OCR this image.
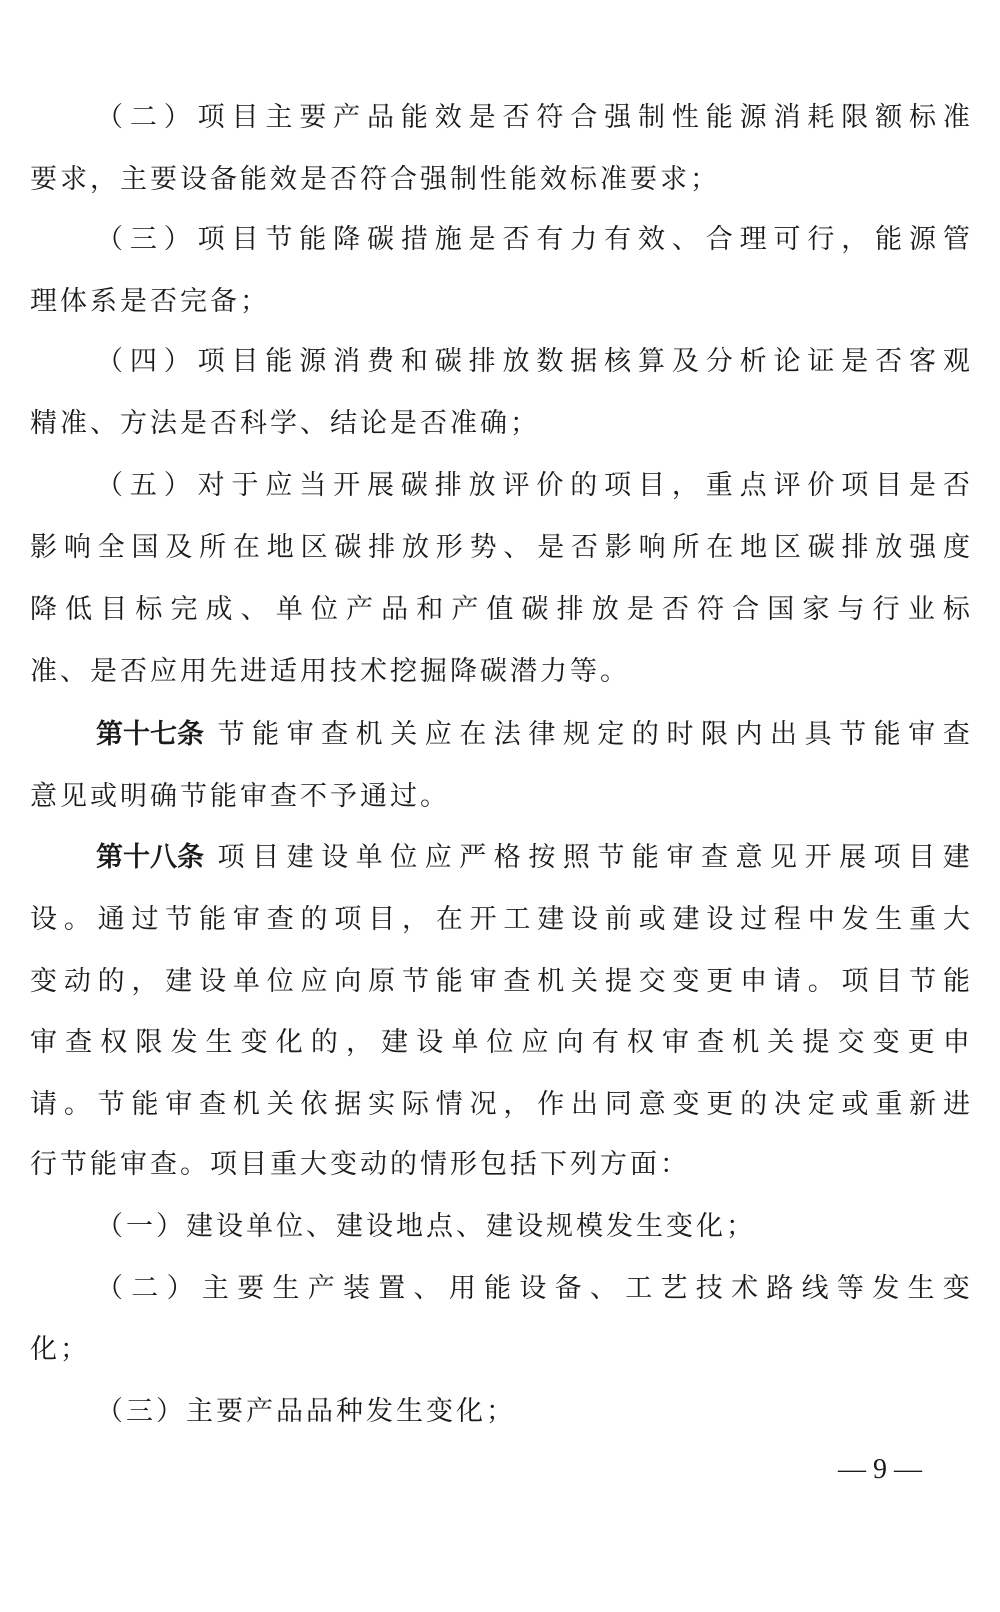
（ 二 ） 项 目 主 要 产 品 能 效 是 否 符 合 强 制 性 能 源 消 耗 限 额 标 准
要 求 ， 主 要 设 备 能 效 是 否 符 合 强 制 性 能 效 标 准 要 求 ；
（ 三 ） 项 目 节 能 降 碳 措 施 是 否 有 力 有 效 、 合 理 可 行 ， 能 源 管
理 体 系 是 否 完 备 ；
（ 四 ） 项 目 能 源 消 费 和 碳 排 放 数 据 核 算 及 分 析 论 证 是 否 客 观
精 准 、 方 法 是 否 科 学 、 结 论 是 否 准 确 ；
（ 五 ） 对 于 应 当 开 展 碳 排 放 评 价 的 项 目 ， 重 点 评 价 项 目 是 否
影 响 全 国 及 所 在 地 区 碳 排 放 形 势 、 是 否 影 响 所 在 地 区 碳 排 放 强 度
降 低 目 标 完 成 、 单 位 产 品 和 产 值 碳 排 放 是 否 符 合 国 家 与 行 业 标
准 、 是 否 应 用 先 进 适 用 技 术 挖 掘 降 碳 潜 力 等 。
第十七条 节 能 审 查 机 关 应 在 法 律 规 定 的 时 限 内 出 具 节 能 审 查
意 见 或 明 确 节 能 审 查 不 予 通 过 。
第十八条 项 目 建 设 单 位 应 严 格 按 照 节 能 审 查 意 见 开 展 项 目 建
设 。 通 过 节 能 审 查 的 项 目 ， 在 开 工 建 设 前 或 建 设 过 程 中 发 生 重 大
变 动 的 ， 建 设 单 位 应 向 原 节 能 审 查 机 关 提 交 变 更 申 请 。 项 目 节 能
审 查 权 限 发 生 变 化 的 ， 建 设 单 位 应 向 有 权 审 查 机 关 提 交 变 更 申
请 。 节 能 审 查 机 关 依 据 实 际 情 况 ， 作 出 同 意 变 更 的 决 定 或 重 新 进
行 节 能 审 查 。 项 目 重 大 变 动 的 情 形 包 括 下 列 方 面 ：
（ 一 ） 建 设 单 位 、 建 设 地 点 、 建 设 规 模 发 生 变 化 ；
（ 二 ） 主 要 生 产 装 置 、 用 能 设 备 、 工 艺 技 术 路 线 等 发 生 变
化 ；
（ 三 ） 主 要 产 品 品 种 发 生 变 化 ；
— 9 —
